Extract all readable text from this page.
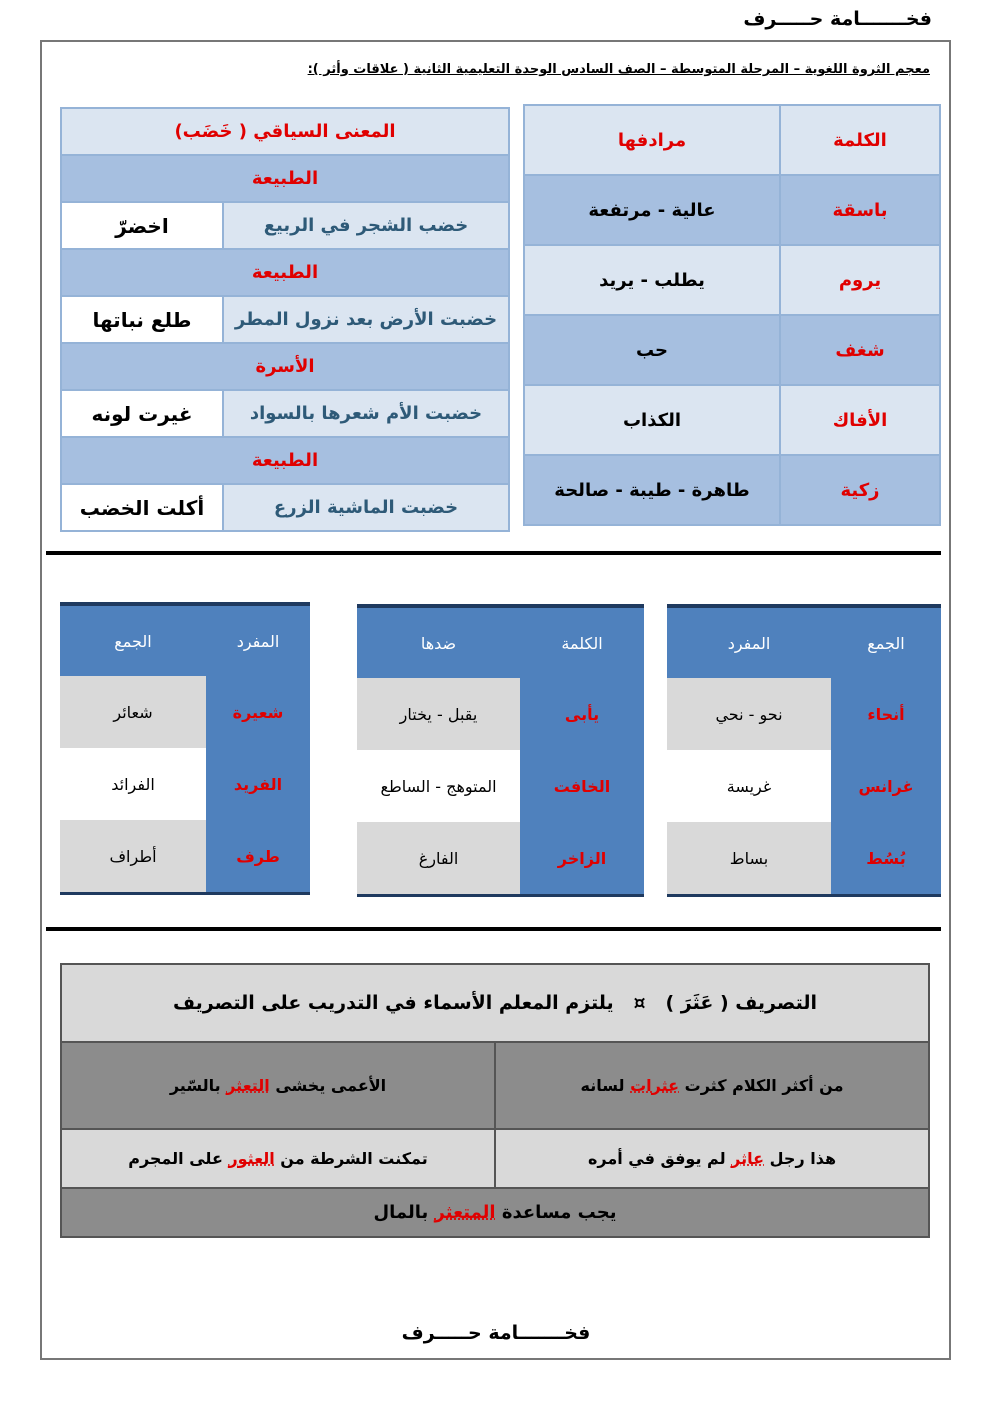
فخـــــــامة حـــــرف
معجم الثروة اللغوية – المرحلة المتوسطة – الصف السادس الوحدة التعليمية الثانية ( علاقات وأثر ):
المعنى السياقي ( خَضَب)	
الطبيعة	
خضب الشجر في الربيع	اخضرّ
الطبيعة	
خضبت الأرض بعد نزول المطر	طلع نباتها
الأسرة	
خضبت الأم شعرها بالسواد	غيرت لونه
الطبيعة	
خضبت الماشية الزرع	أكلت الخضب
الكلمة	مرادفها
باسقة	عالية - مرتفعة
يروم	يطلب - يريد
شغف	حب
الأفاك	الكذاب
زكية	طاهرة - طيبة - صالحة

المفرد	الجمع
شعيرة	شعائر
الفريد	الفرائد
طرف	أطراف

الكلمة	ضدها
يأبى	يقبل - يختار
الخافت	المتوهج - الساطع
الزاخر	الفارغ

الجمع	المفرد
أنحاء	نحو - نحي
غرانس	غريسة
بُسُط	بساط

التصريف ( عَثَرَ )   ¤   يلتزم المعلم الأسماء في التدريب على التصريف	
من أكثر الكلام كثرت عثرات لسانه	الأعمى يخشى التعثر بالسّير
هذا رجل عاثر لم يوفق في أمره	تمكنت الشرطة من العثور على المجرم
يجب مساعدة المتعثر بالمال	
فخـــــــامة حـــــرف
